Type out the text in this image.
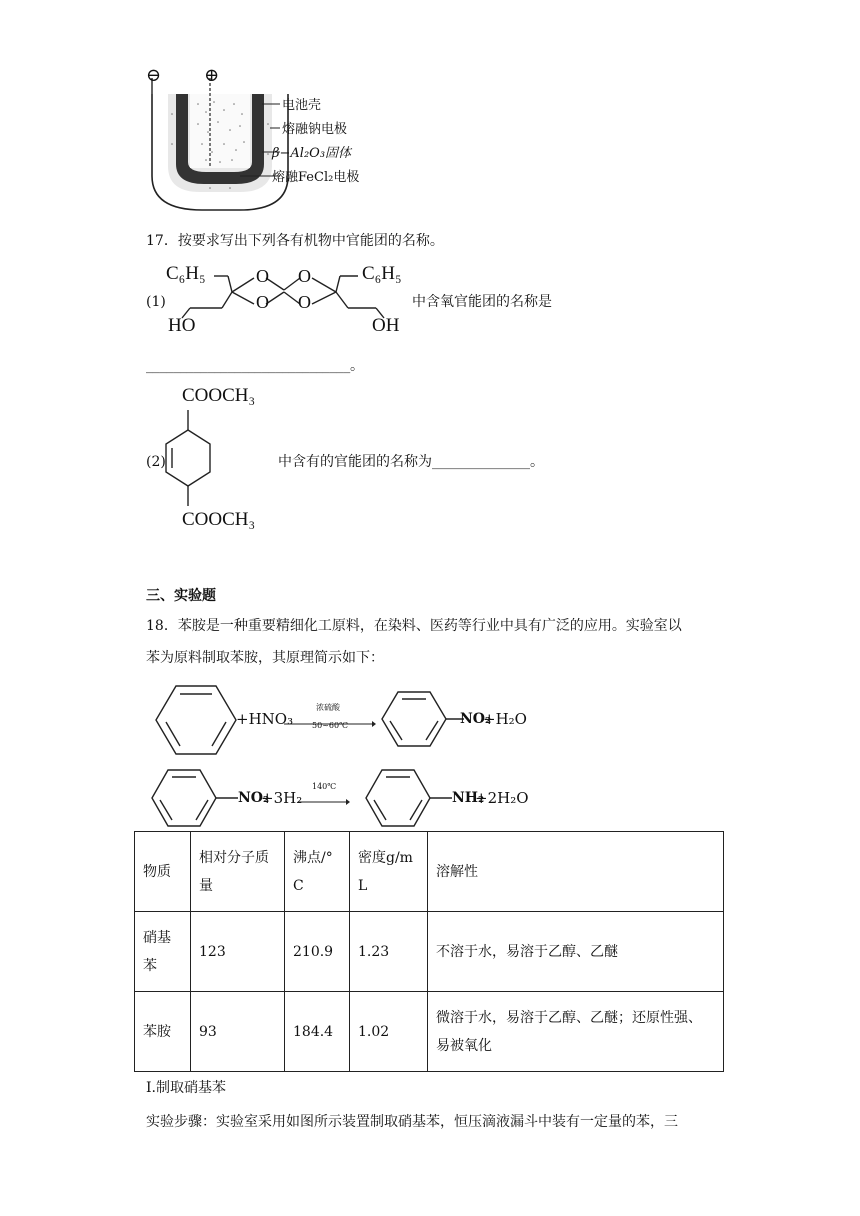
⊖ ⊕
电池壳
熔融钠电极
β−Al₂O₃固体
熔融FeCl₂电极
17．按要求写出下列各有机物中官能团的名称。
(1)
C₆H₅	C₆H₅
O
O
O
O
HO	OH
中含氧官能团的名称是
______________________________。
(2)
COOCH₃
COOCH₃
中含有的官能团的名称为______________。
三、实验题
18．苯胺是一种重要精细化工原料，在染料、医药等行业中具有广泛的应用。实验室以
苯为原料制取苯胺，其原理简示如下：
+HNO₃
浓硫酸
50~60℃	NO₂
+H₂O
NO₂
+3H₂
140℃
NH₂
+2H₂O
物质	相对分子质量	沸点/°C	密度g/mL	溶解性
硝基苯	123	210.9	1.23	不溶于水，易溶于乙醇、乙醚
苯胺	93	184.4	1.02	微溶于水，易溶于乙醇、乙醚；还原性强、易被氧化
I.制取硝基苯
实验步骤：实验室采用如图所示装置制取硝基苯，恒压滴液漏斗中装有一定量的苯，三
